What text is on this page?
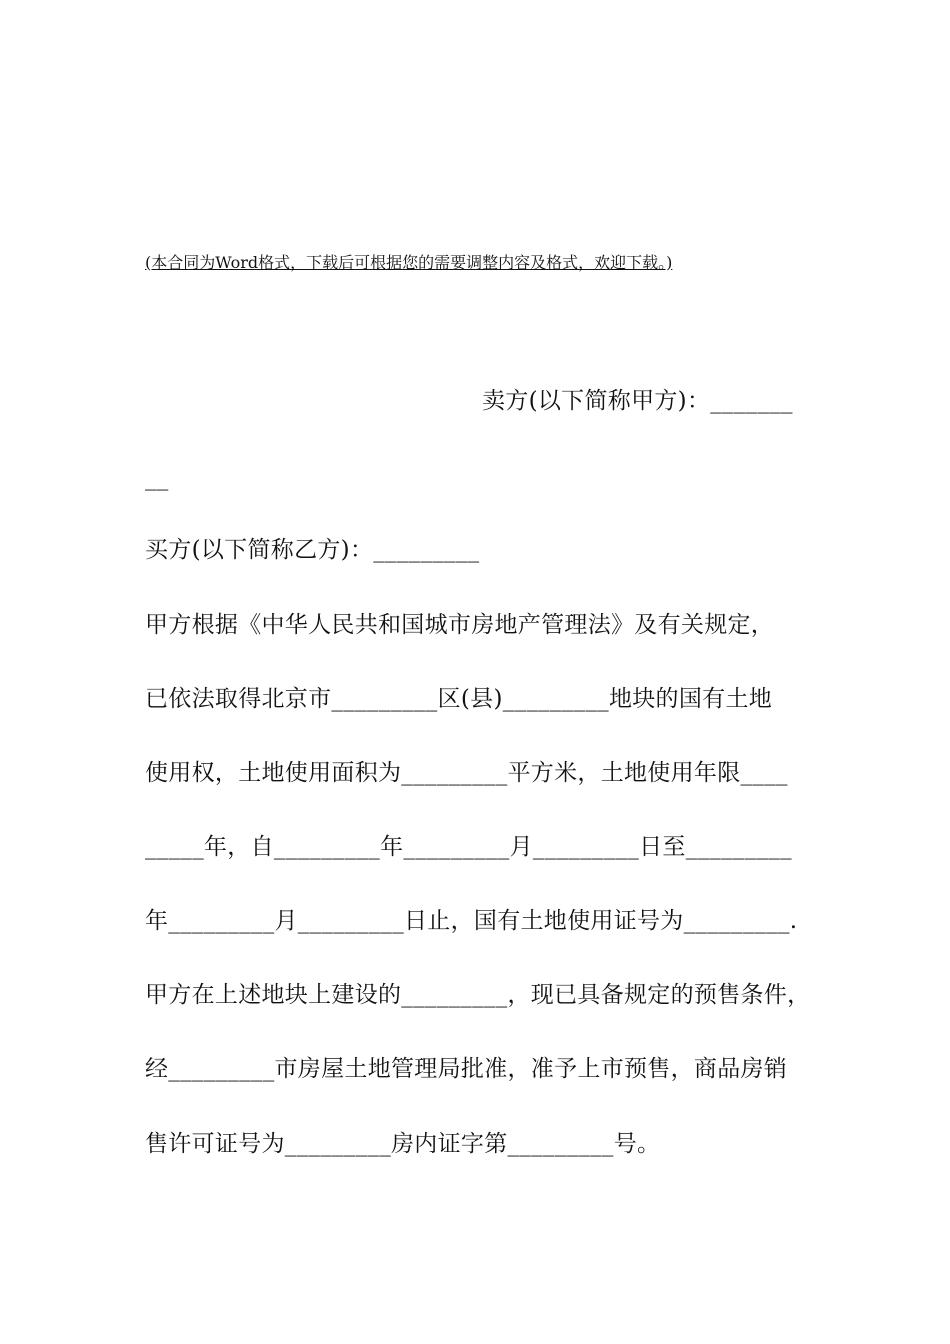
(本合同为Word格式，下载后可根据您的需要调整内容及格式，欢迎下载。)
卖方(以下简称甲方)：_______
__
买方(以下简称乙方)：_________
甲方根据《中华人民共和国城市房地产管理法》及有关规定，
已依法取得北京市_________区(县)_________地块的国有土地
使用权，土地使用面积为_________平方米，土地使用年限____
_____年，自_________年_________月_________日至_________
年_________月_________日止，国有土地使用证号为_________.
甲方在上述地块上建设的_________，现已具备规定的预售条件，
经_________市房屋土地管理局批准，准予上市预售，商品房销
售许可证号为_________房内证字第_________号。
